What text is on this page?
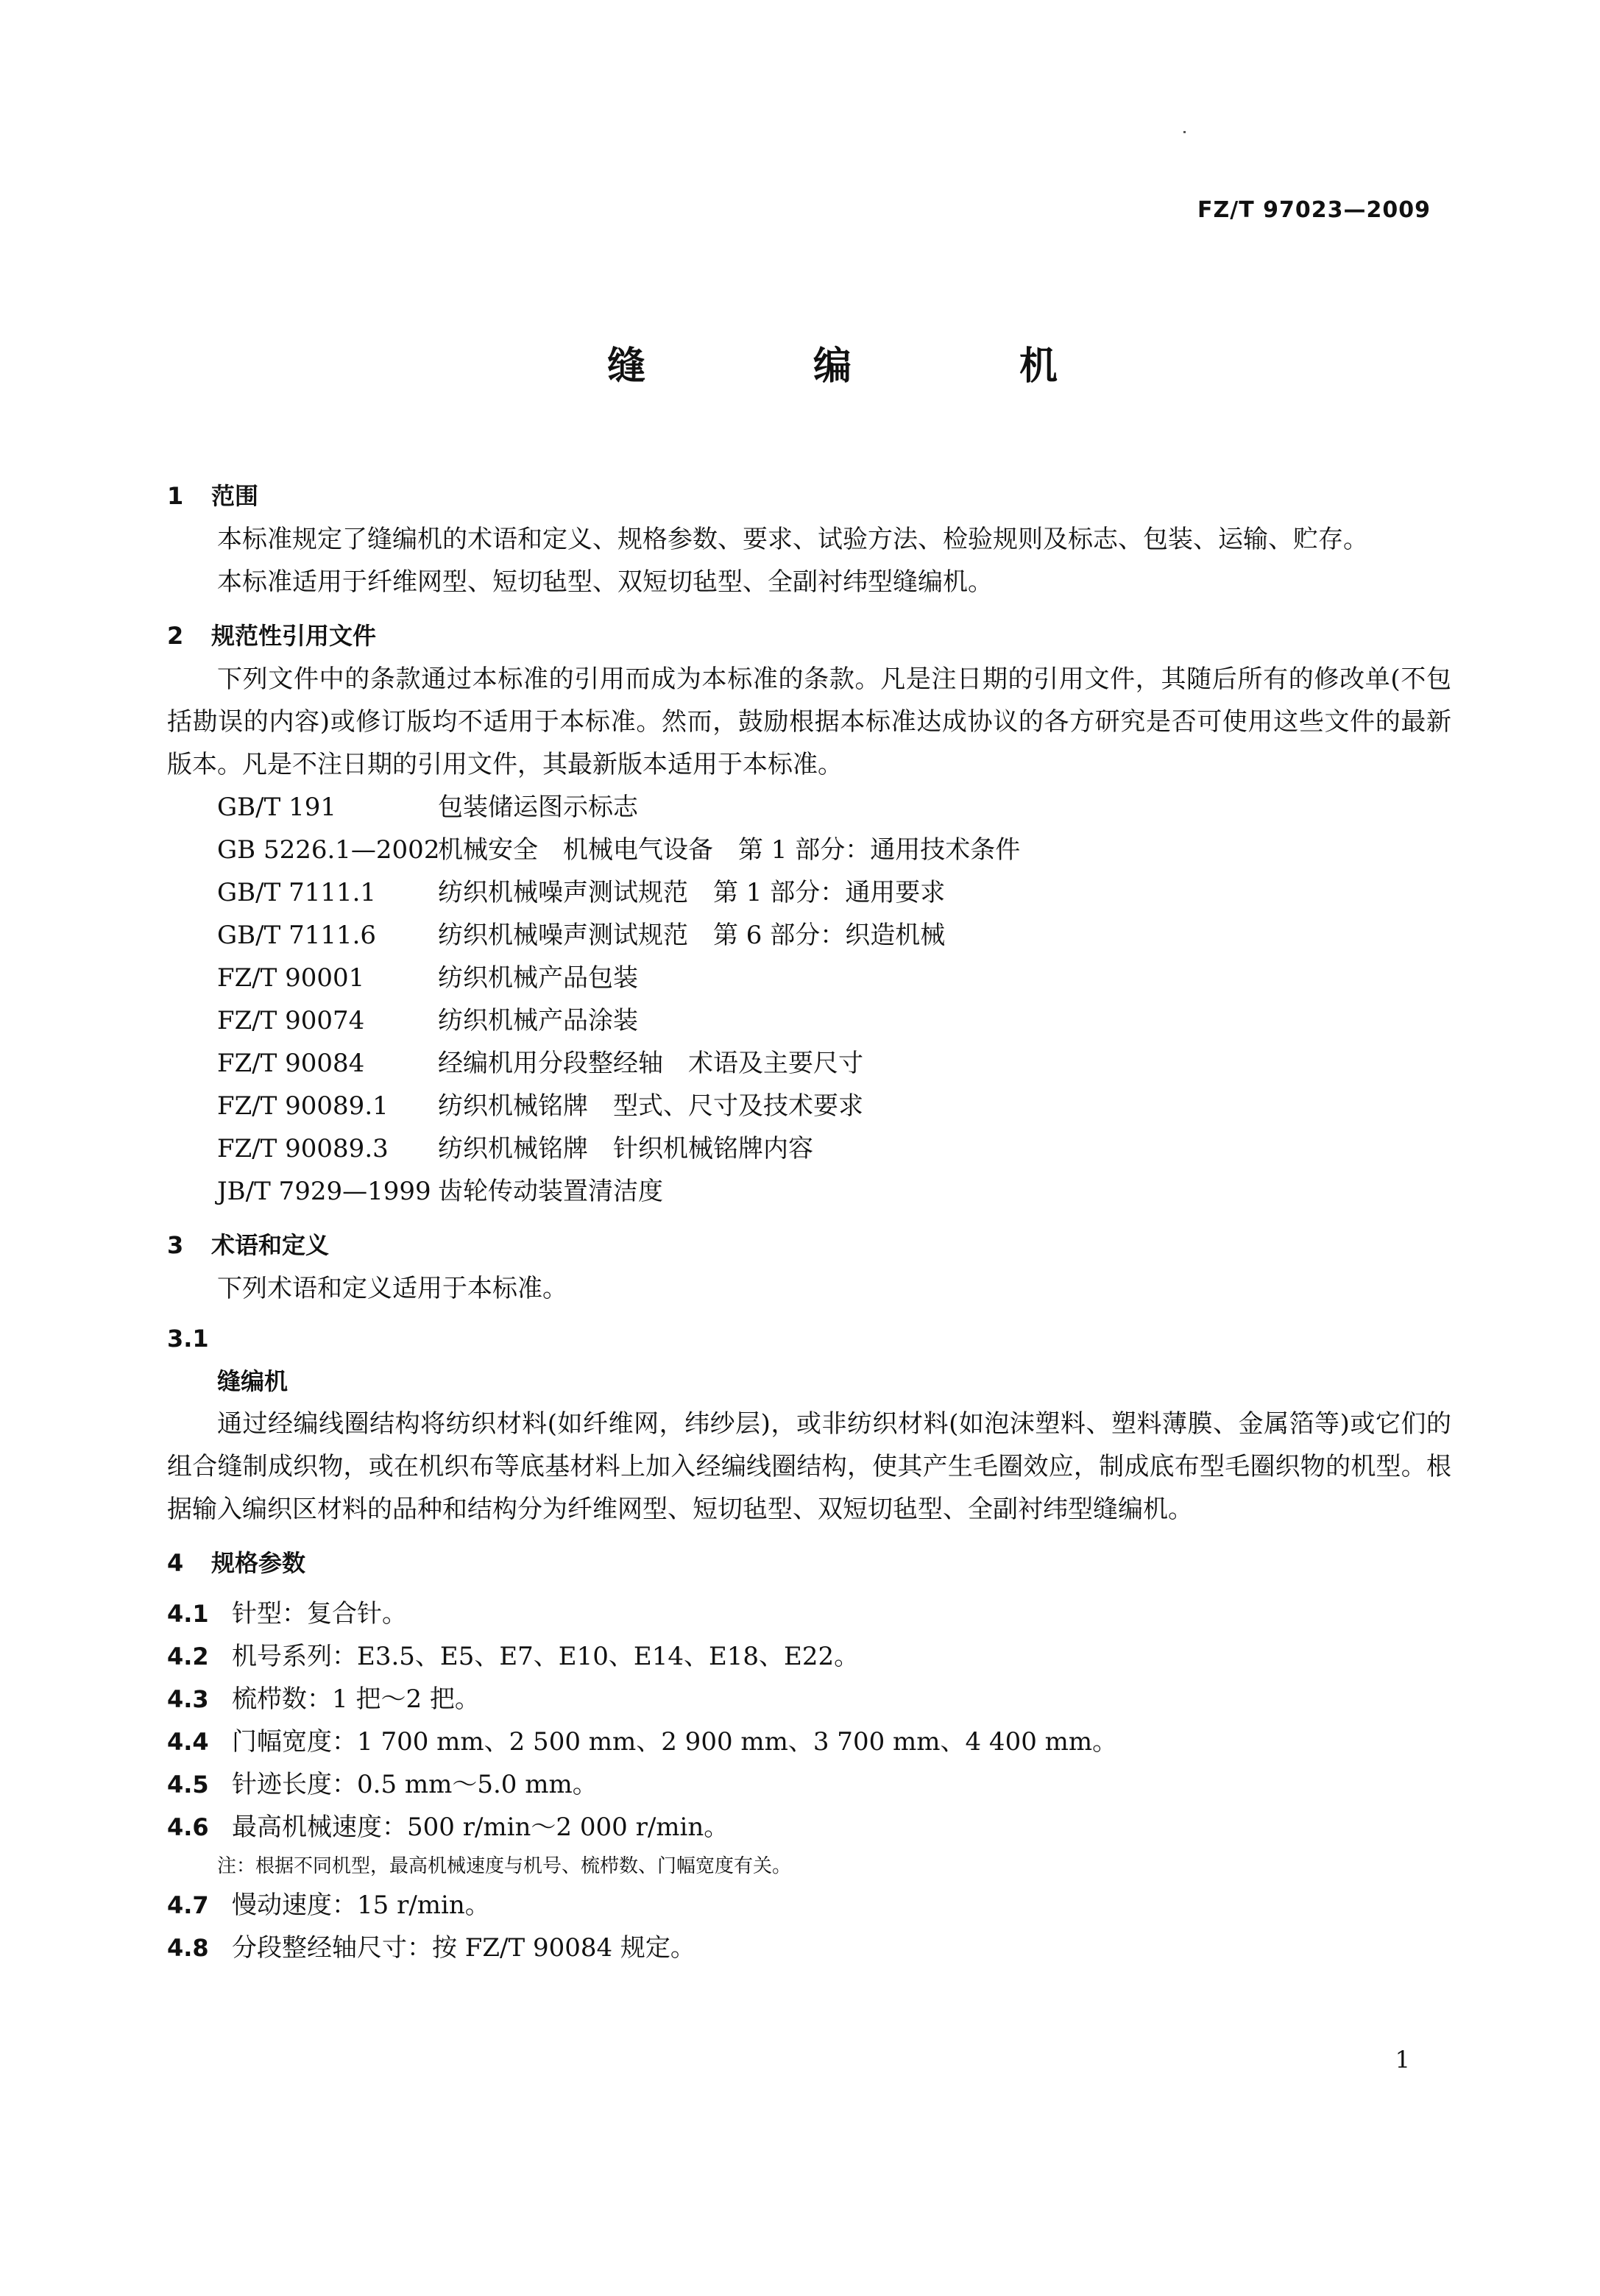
FZ/T 97023—2009
缝　编　机
1	范围
本标准规定了缝编机的术语和定义、规格参数、要求、试验方法、检验规则及标志、包装、运输、贮存。
本标准适用于纤维网型、短切毡型、双短切毡型、全副衬纬型缝编机。
2	规范性引用文件
下列文件中的条款通过本标准的引用而成为本标准的条款。凡是注日期的引用文件，其随后所有的修改单(不包括勘误的内容)或修订版均不适用于本标准。然而，鼓励根据本标准达成协议的各方研究是否可使用这些文件的最新版本。凡是不注日期的引用文件，其最新版本适用于本标准。
GB/T 191	包装储运图示标志
GB 5226.1—2002机械安全　机械电气设备　第 1 部分：通用技术条件
GB/T 7111.1 纺织机械噪声测试规范　第 1 部分：通用要求
GB/T 7111.6 纺织机械噪声测试规范　第 6 部分：织造机械
FZ/T 90001	纺织机械产品包装
FZ/T 90074	纺织机械产品涂装
FZ/T 90084	经编机用分段整经轴　术语及主要尺寸
FZ/T 90089.1 纺织机械铭牌　型式、尺寸及技术要求
FZ/T 90089.3 纺织机械铭牌　针织机械铭牌内容
JB/T 7929—1999 齿轮传动装置清洁度
3	术语和定义
下列术语和定义适用于本标准。
3.1
缝编机
通过经编线圈结构将纺织材料(如纤维网，纬纱层)，或非纺织材料(如泡沫塑料、塑料薄膜、金属箔等)或它们的组合缝制成织物，或在机织布等底基材料上加入经编线圈结构，使其产生毛圈效应，制成底布型毛圈织物的机型。根据输入编织区材料的品种和结构分为纤维网型、短切毡型、双短切毡型、全副衬纬型缝编机。
4	规格参数
4.1 针型：复合针。
4.2 机号系列：E3.5、E5、E7、E10、E14、E18、E22。
4.3 梳栉数：1 把～2 把。
4.4 门幅宽度：1 700 mm、2 500 mm、2 900 mm、3 700 mm、4 400 mm。
4.5 针迹长度：0.5 mm～5.0 mm。
4.6 最高机械速度：500 r/min～2 000 r/min。
注：根据不同机型，最高机械速度与机号、梳栉数、门幅宽度有关。
4.7 慢动速度：15 r/min。
4.8 分段整经轴尺寸：按 FZ/T 90084 规定。
1
